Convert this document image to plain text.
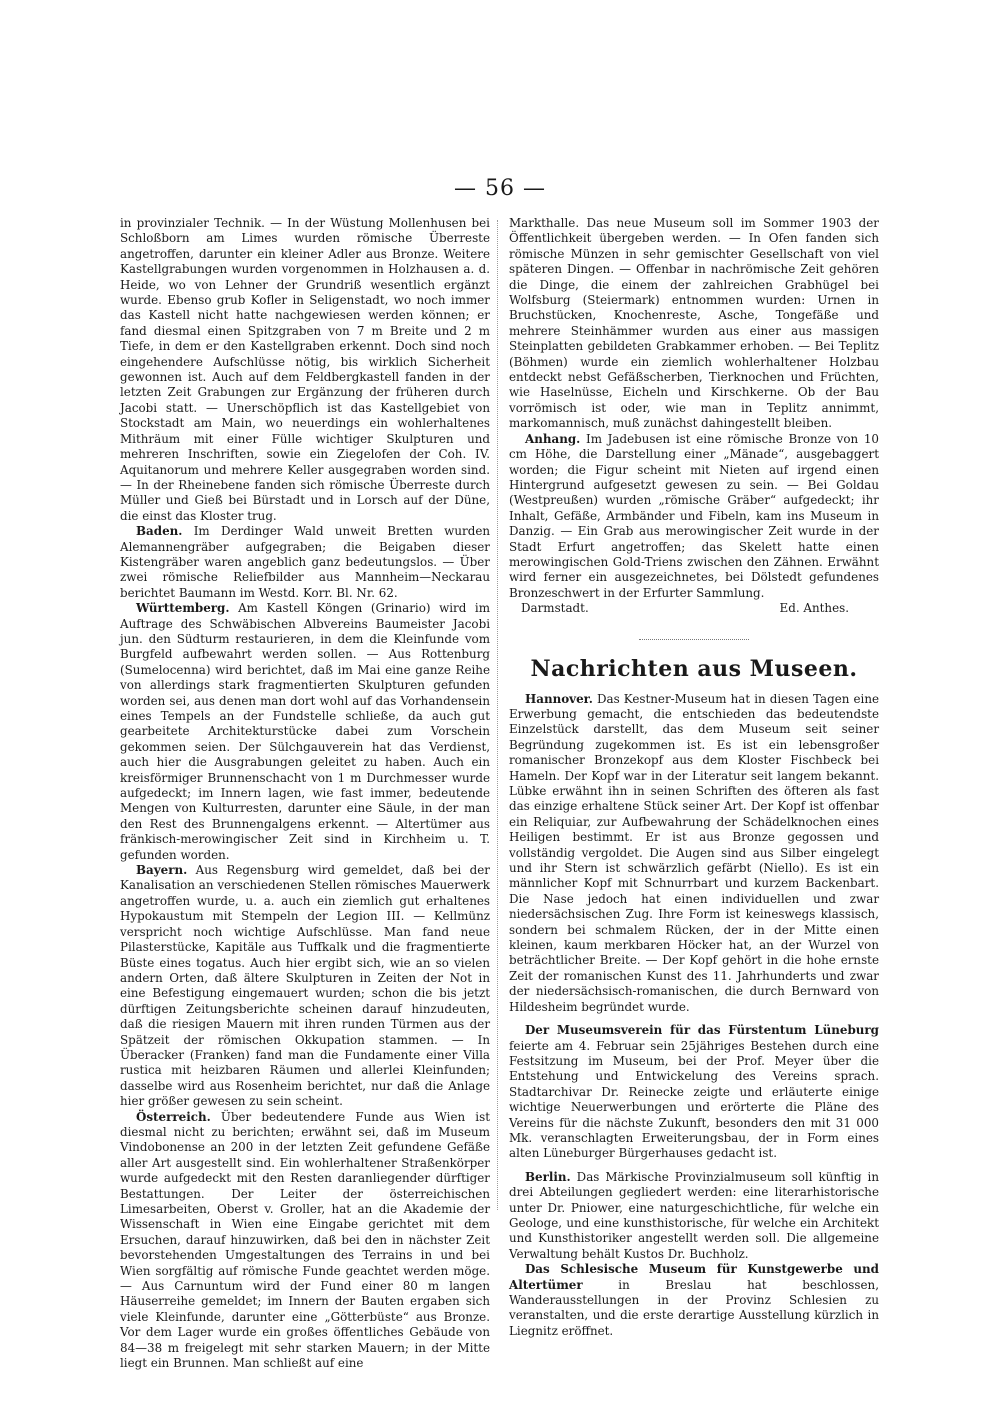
— 56 —

in provinzialer Technik. — In der Wüstung Mollenhusen bei Schloßborn am Limes wurden römische Überreste angetroffen, darunter ein kleiner Adler aus Bronze. Weitere Kastellgrabungen wurden vorgenommen in Holzhausen a. d. Heide, wo von Lehner der Grundriß wesentlich ergänzt wurde. Ebenso grub Kofler in Seligenstadt, wo noch immer das Kastell nicht hatte nachgewiesen werden können; er fand diesmal einen Spitzgraben von 7 m Breite und 2 m Tiefe, in dem er den Kastellgraben erkennt. Doch sind noch eingehendere Aufschlüsse nötig, bis wirklich Sicherheit gewonnen ist. Auch auf dem Feldbergkastell fanden in der letzten Zeit Grabungen zur Ergänzung der früheren durch Jacobi statt. — Unerschöpflich ist das Kastellgebiet von Stockstadt am Main, wo neuerdings ein wohlerhaltenes Mithräum mit einer Fülle wichtiger Skulpturen und mehreren Inschriften, sowie ein Ziegelofen der Coh. IV. Aquitanorum und mehrere Keller ausgegraben worden sind. — In der Rheinebene fanden sich römische Überreste durch Müller und Gieß bei Bürstadt und in Lorsch auf der Düne, die einst das Kloster trug.

Baden. Im Derdinger Wald unweit Bretten wurden Alemannengräber aufgegraben; die Beigaben dieser Kistengräber waren angeblich ganz bedeutungslos. — Über zwei römische Reliefbilder aus Mannheim—Neckarau berichtet Baumann im Westd. Korr. Bl. Nr. 62.

Württemberg. Am Kastell Köngen (Grinario) wird im Auftrage des Schwäbischen Albvereins Baumeister Jacobi jun. den Südturm restaurieren, in dem die Kleinfunde vom Burgfeld aufbewahrt werden sollen. — Aus Rottenburg (Sumelocenna) wird berichtet, daß im Mai eine ganze Reihe von allerdings stark fragmentierten Skulpturen gefunden worden sei, aus denen man dort wohl auf das Vorhandensein eines Tempels an der Fundstelle schließe, da auch gut gearbeitete Architekturstücke dabei zum Vorschein gekommen seien. Der Sülchgauverein hat das Verdienst, auch hier die Ausgrabungen geleitet zu haben. Auch ein kreisförmiger Brunnenschacht von 1 m Durchmesser wurde aufgedeckt; im Innern lagen, wie fast immer, bedeutende Mengen von Kulturresten, darunter eine Säule, in der man den Rest des Brunnengalgens erkennt. — Altertümer aus fränkisch-merowingischer Zeit sind in Kirchheim u. T. gefunden worden.

Bayern. Aus Regensburg wird gemeldet, daß bei der Kanalisation an verschiedenen Stellen römisches Mauerwerk angetroffen wurde, u. a. auch ein ziemlich gut erhaltenes Hypokaustum mit Stempeln der Legion III. — Kellmünz verspricht noch wichtige Aufschlüsse. Man fand neue Pilasterstücke, Kapitäle aus Tuffkalk und die fragmentierte Büste eines togatus. Auch hier ergibt sich, wie an so vielen andern Orten, daß ältere Skulpturen in Zeiten der Not in eine Befestigung eingemauert wurden; schon die bis jetzt dürftigen Zeitungsberichte scheinen darauf hinzudeuten, daß die riesigen Mauern mit ihren runden Türmen aus der Spätzeit der römischen Okkupation stammen. — In Überacker (Franken) fand man die Fundamente einer Villa rustica mit heizbaren Räumen und allerlei Kleinfunden; dasselbe wird aus Rosenheim berichtet, nur daß die Anlage hier größer gewesen zu sein scheint.

Österreich. Über bedeutendere Funde aus Wien ist diesmal nicht zu berichten; erwähnt sei, daß im Museum Vindobonense an 200 in der letzten Zeit gefundene Gefäße aller Art ausgestellt sind. Ein wohlerhaltener Straßenkörper wurde aufgedeckt mit den Resten daranliegender dürftiger Bestattungen. Der Leiter der österreichischen Limesarbeiten, Oberst v. Groller, hat an die Akademie der Wissenschaft in Wien eine Eingabe gerichtet mit dem Ersuchen, darauf hinzuwirken, daß bei den in nächster Zeit bevorstehenden Umgestaltungen des Terrains in und bei Wien sorgfältig auf römische Funde geachtet werden möge. — Aus Carnuntum wird der Fund einer 80 m langen Häuserreihe gemeldet; im Innern der Bauten ergaben sich viele Kleinfunde, darunter eine „Götterbüste“ aus Bronze. Vor dem Lager wurde ein großes öffentliches Gebäude von 84—38 m freigelegt mit sehr starken Mauern; in der Mitte liegt ein Brunnen. Man schließt auf eine

Markthalle. Das neue Museum soll im Sommer 1903 der Öffentlichkeit übergeben werden. — In Ofen fanden sich römische Münzen in sehr gemischter Gesellschaft von viel späteren Dingen. — Offenbar in nachrömische Zeit gehören die Dinge, die einem der zahlreichen Grabhügel bei Wolfsburg (Steiermark) entnommen wurden: Urnen in Bruchstücken, Knochenreste, Asche, Tongefäße und mehrere Steinhämmer wurden aus einer aus massigen Steinplatten gebildeten Grabkammer erhoben. — Bei Teplitz (Böhmen) wurde ein ziemlich wohlerhaltener Holzbau entdeckt nebst Gefäßscherben, Tierknochen und Früchten, wie Haselnüsse, Eicheln und Kirschkerne. Ob der Bau vorrömisch ist oder, wie man in Teplitz annimmt, markomannisch, muß zunächst dahingestellt bleiben.

Anhang. Im Jadebusen ist eine römische Bronze von 10 cm Höhe, die Darstellung einer „Mänade“, ausgebaggert worden; die Figur scheint mit Nieten auf irgend einen Hintergrund aufgesetzt gewesen zu sein. — Bei Goldau (Westpreußen) wurden „römische Gräber“ aufgedeckt; ihr Inhalt, Gefäße, Armbänder und Fibeln, kam ins Museum in Danzig. — Ein Grab aus merowingischer Zeit wurde in der Stadt Erfurt angetroffen; das Skelett hatte einen merowingischen Gold-Triens zwischen den Zähnen. Erwähnt wird ferner ein ausgezeichnetes, bei Dölstedt gefundenes Bronzeschwert in der Erfurter Sammlung.

Darmstadt.	Ed. Anthes.
Nachrichten aus Museen.

Hannover. Das Kestner-Museum hat in diesen Tagen eine Erwerbung gemacht, die entschieden das bedeutendste Einzelstück darstellt, das dem Museum seit seiner Begründung zugekommen ist. Es ist ein lebensgroßer romanischer Bronzekopf aus dem Kloster Fischbeck bei Hameln. Der Kopf war in der Literatur seit langem bekannt. Lübke erwähnt ihn in seinen Schriften des öfteren als fast das einzige erhaltene Stück seiner Art. Der Kopf ist offenbar ein Reliquiar, zur Aufbewahrung der Schädelknochen eines Heiligen bestimmt. Er ist aus Bronze gegossen und vollständig vergoldet. Die Augen sind aus Silber eingelegt und ihr Stern ist schwärzlich gefärbt (Niello). Es ist ein männlicher Kopf mit Schnurrbart und kurzem Backenbart. Die Nase jedoch hat einen individuellen und zwar niedersächsischen Zug. Ihre Form ist keineswegs klassisch, sondern bei schmalem Rücken, der in der Mitte einen kleinen, kaum merkbaren Höcker hat, an der Wurzel von beträchtlicher Breite. — Der Kopf gehört in die hohe ernste Zeit der romanischen Kunst des 11. Jahrhunderts und zwar der niedersächsisch-romanischen, die durch Bernward von Hildesheim begründet wurde.

Der Museumsverein für das Fürstentum Lüneburg feierte am 4. Februar sein 25jähriges Bestehen durch eine Festsitzung im Museum, bei der Prof. Meyer über die Entstehung und Entwickelung des Vereins sprach. Stadtarchivar Dr. Reinecke zeigte und erläuterte einige wichtige Neuerwerbungen und erörterte die Pläne des Vereins für die nächste Zukunft, besonders den mit 31 000 Mk. veranschlagten Erweiterungsbau, der in Form eines alten Lüneburger Bürgerhauses gedacht ist.

Berlin. Das Märkische Provinzialmuseum soll künftig in drei Abteilungen gegliedert werden: eine literarhistorische unter Dr. Pniower, eine naturgeschichtliche, für welche ein Geologe, und eine kunsthistorische, für welche ein Architekt und Kunsthistoriker angestellt werden soll. Die allgemeine Verwaltung behält Kustos Dr. Buchholz.

Das Schlesische Museum für Kunstgewerbe und Altertümer	in Breslau hat beschlossen, Wanderausstellungen in der Provinz Schlesien zu veranstalten, und die erste derartige Ausstellung kürzlich in Liegnitz eröffnet.
